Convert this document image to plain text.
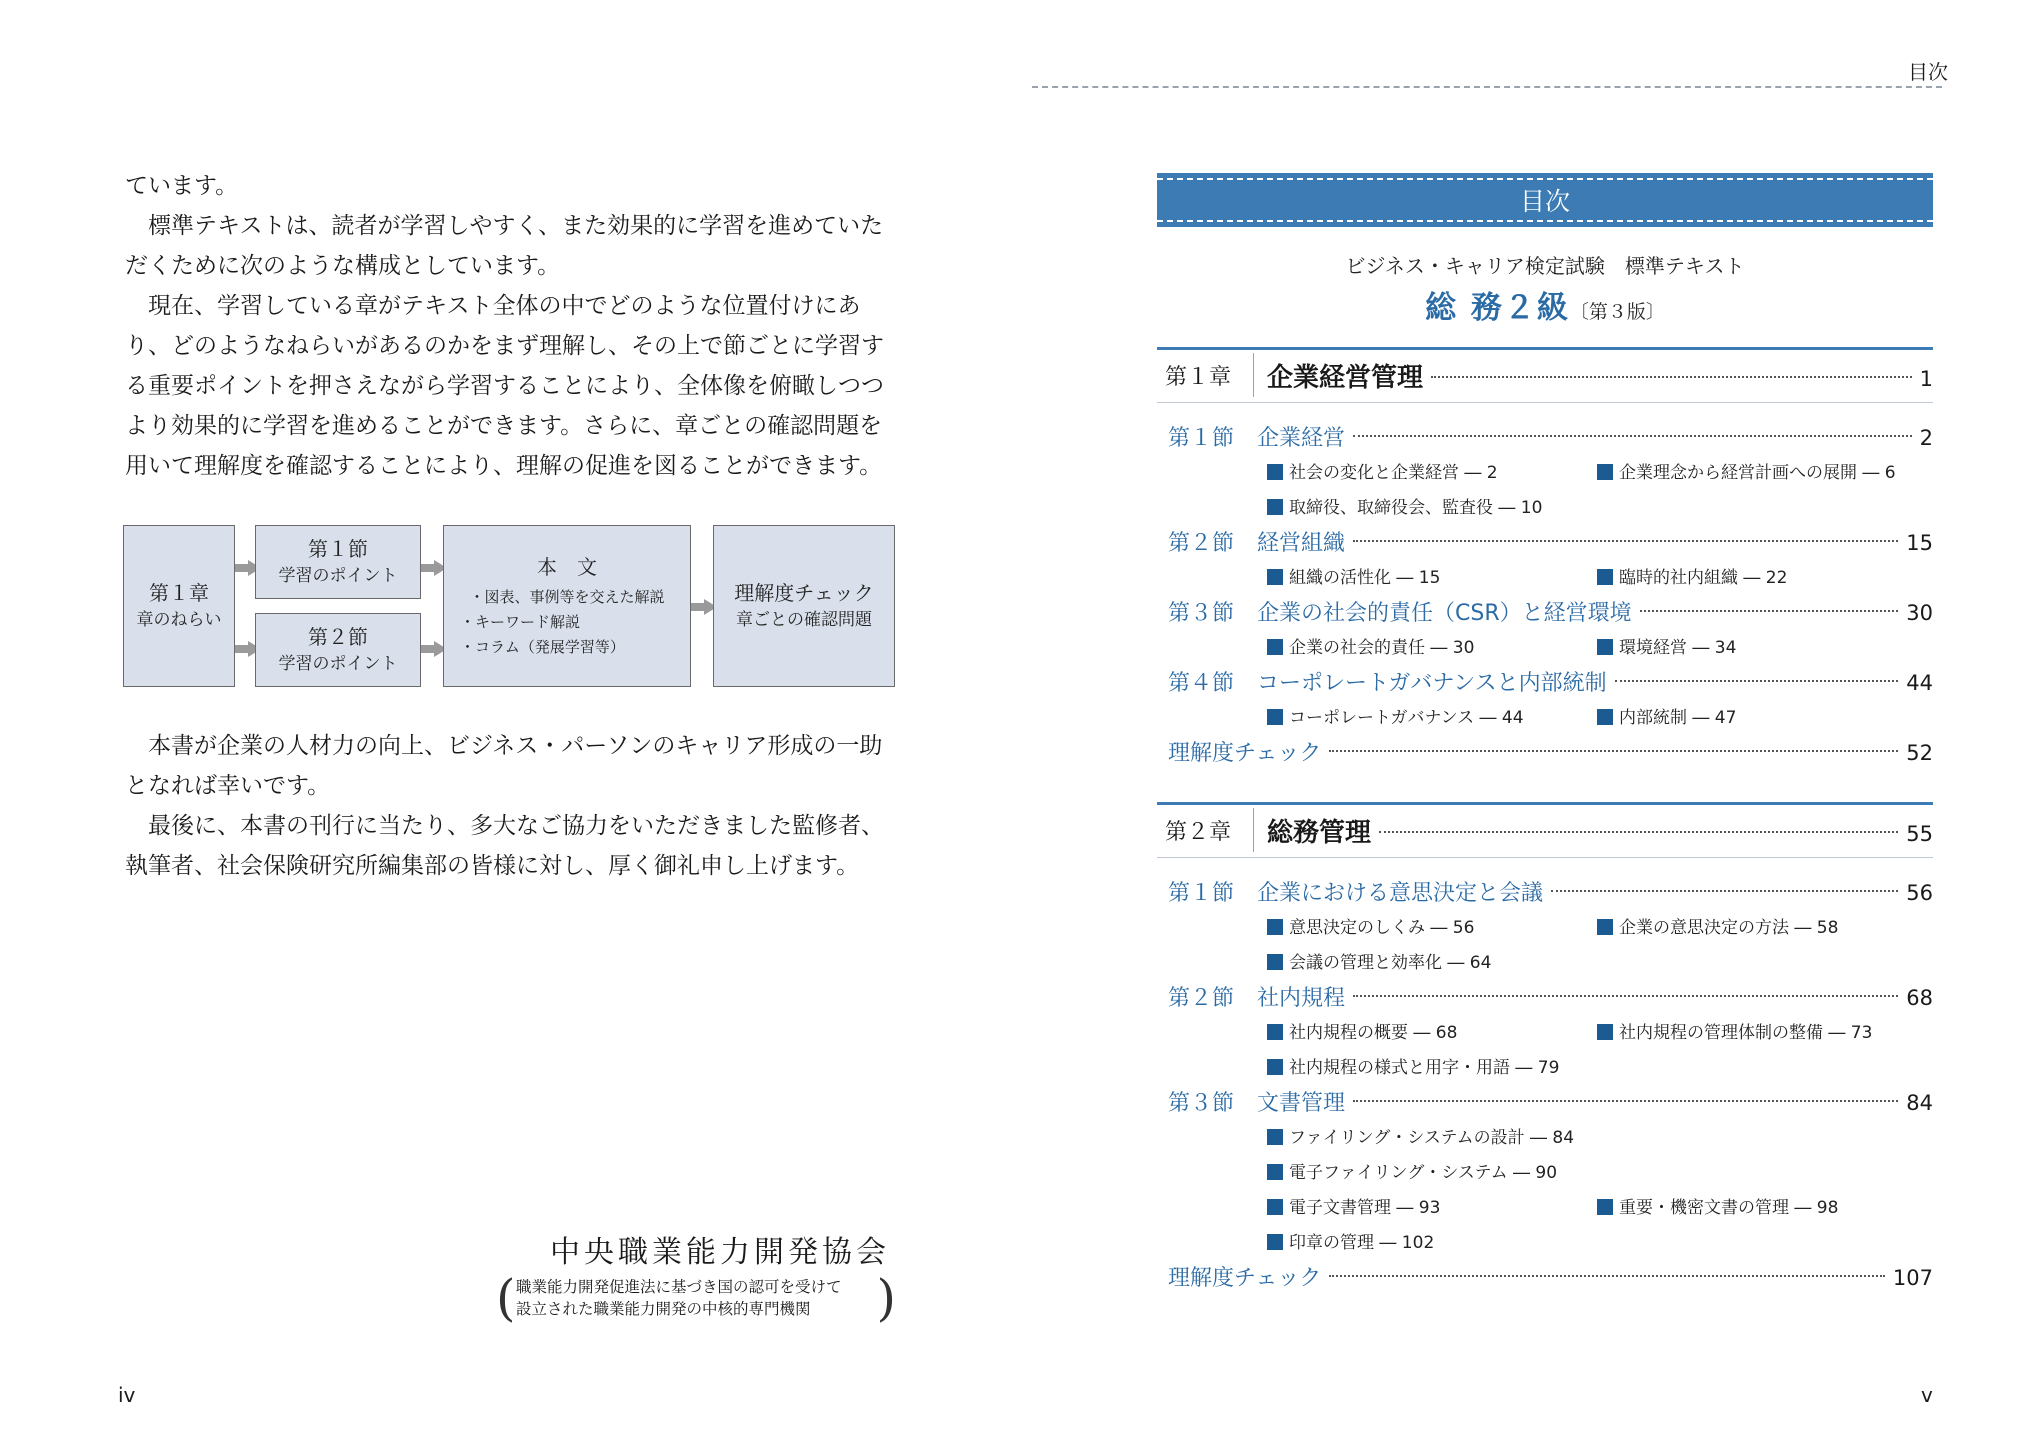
ています。

標準テキストは、読者が学習しやすく、また効果的に学習を進めていただくために次のような構成としています。

現在、学習している章がテキスト全体の中でどのような位置付けにあり、どのようなねらいがあるのかをまず理解し、その上で節ごとに学習する重要ポイントを押さえながら学習することにより、全体像を俯瞰しつつより効果的に学習を進めることができます。さらに、章ごとの確認問題を用いて理解度を確認することにより、理解の促進を図ることができます。

第１章
章のねらい
第１節
学習のポイント
第２節
学習のポイント
本　文
・図表、事例等を交えた解説
・キーワード解説
・コラム（発展学習等）
理解度チェック
章ごとの確認問題

本書が企業の人材力の向上、ビジネス・パーソンのキャリア形成の一助となれば幸いです。

最後に、本書の刊行に当たり、多大なご協力をいただきました監修者、執筆者、社会保険研究所編集部の皆様に対し、厚く御礼申し上げます。

中央職業能力開発協会
( 職業能力開発促進法に基づき国の認可を受けて
設立された職業能力開発の中核的専門機関	)
iv
目次
目次
ビジネス・キャリア検定試験　標準テキスト
総 務２級〔第３版〕
第１章 企業経営管理	1
第１節	企業経営	2
社会の変化と企業経営 ― 2	企業理念から経営計画への展開 ― 6
取締役、取締役会、監査役 ― 10
第２節	経営組織	15
組織の活性化 ― 15	臨時的社内組織 ― 22
第３節	企業の社会的責任（CSR）と経営環境	30
企業の社会的責任 ― 30	環境経営 ― 34
第４節	コーポレートガバナンスと内部統制	44
コーポレートガバナンス ― 44	内部統制 ― 47
理解度チェック	52
第２章 総務管理	55
第１節	企業における意思決定と会議	56
意思決定のしくみ ― 56	企業の意思決定の方法 ― 58
会議の管理と効率化 ― 64
第２節	社内規程	68
社内規程の概要 ― 68	社内規程の管理体制の整備 ― 73
社内規程の様式と用字・用語 ― 79
第３節	文書管理	84
ファイリング・システムの設計 ― 84
電子ファイリング・システム ― 90
電子文書管理 ― 93	重要・機密文書の管理 ― 98
印章の管理 ― 102
理解度チェック	107
v
